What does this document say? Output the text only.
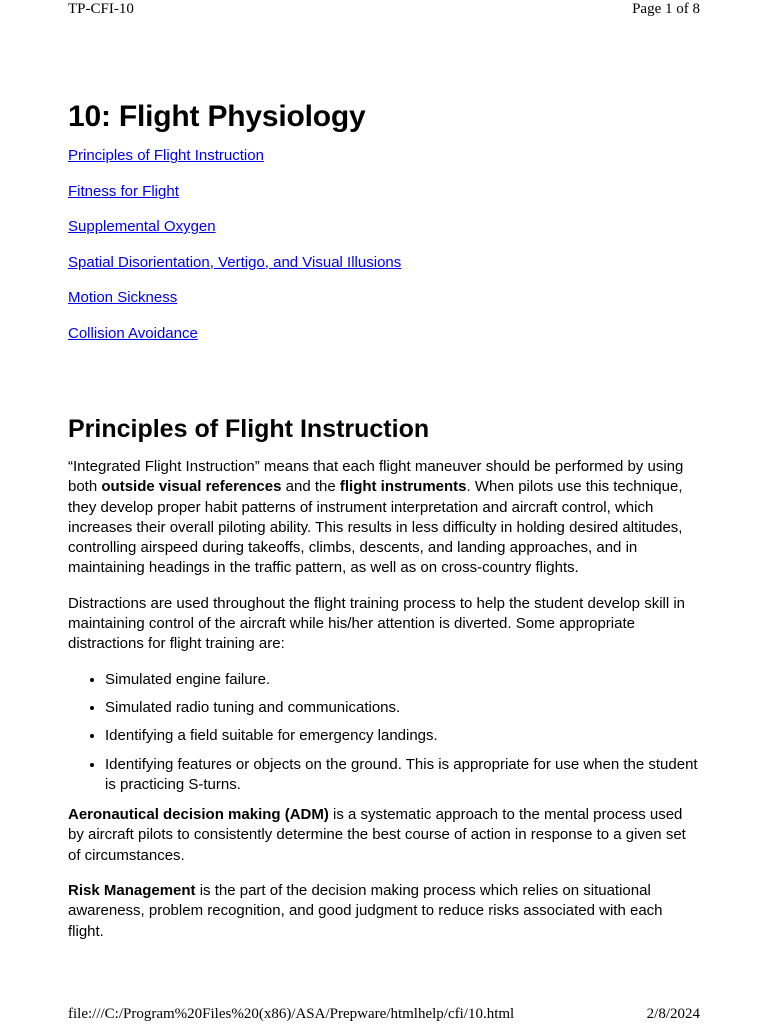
TP-CFI-10	Page 1 of 8
10: Flight Physiology
Principles of Flight Instruction
Fitness for Flight
Supplemental Oxygen
Spatial Disorientation, Vertigo, and Visual Illusions
Motion Sickness
Collision Avoidance
Principles of Flight Instruction

“Integrated Flight Instruction” means that each flight maneuver should be performed by using both outside visual references and the flight instruments. When pilots use this technique, they develop proper habit patterns of instrument interpretation and aircraft control, which increases their overall piloting ability. This results in less difficulty in holding desired altitudes, controlling airspeed during takeoffs, climbs, descents, and landing approaches, and in maintaining headings in the traffic pattern, as well as on cross-country flights.

Distractions are used throughout the flight training process to help the student develop skill in maintaining control of the aircraft while his/her attention is diverted. Some appropriate distractions for flight training are:

• Simulated engine failure.
• Simulated radio tuning and communications.
• Identifying a field suitable for emergency landings.
• Identifying features or objects on the ground. This is appropriate for use when the student is practicing S-turns.

Aeronautical decision making (ADM) is a systematic approach to the mental process used by aircraft pilots to consistently determine the best course of action in response to a given set of circumstances.

Risk Management is the part of the decision making process which relies on situational awareness, problem recognition, and good judgment to reduce risks associated with each flight.

file:///C:/Program%20Files%20(x86)/ASA/Prepware/htmlhelp/cfi/10.html	2/8/2024
